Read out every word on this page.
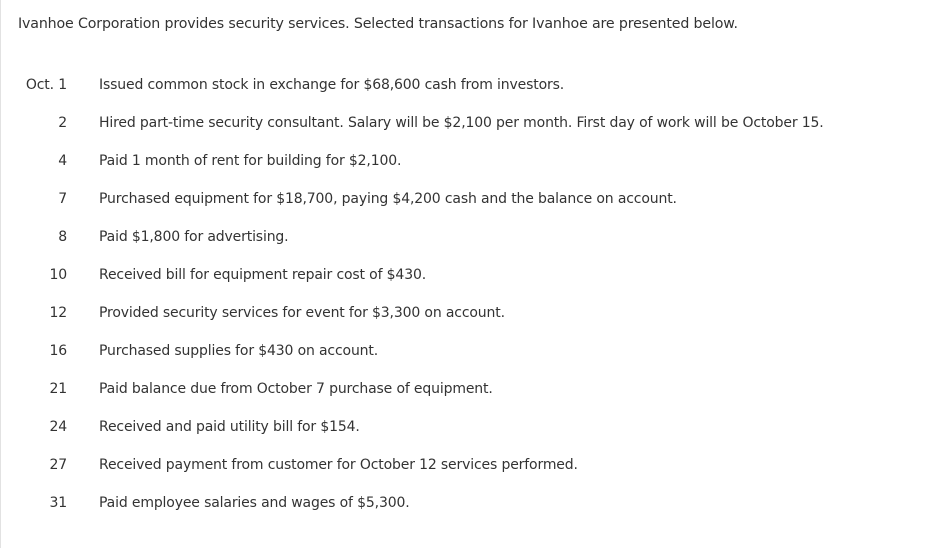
Ivanhoe Corporation provides security services. Selected transactions for Ivanhoe are presented below.
Oct. 1 Issued common stock in exchange for $68,600 cash from investors.
2 Hired part-time security consultant. Salary will be $2,100 per month. First day of work will be October 15.
4 Paid 1 month of rent for building for $2,100.
7 Purchased equipment for $18,700, paying $4,200 cash and the balance on account.
8 Paid $1,800 for advertising.
10 Received bill for equipment repair cost of $430.
12 Provided security services for event for $3,300 on account.
16 Purchased supplies for $430 on account.
21 Paid balance due from October 7 purchase of equipment.
24 Received and paid utility bill for $154.
27 Received payment from customer for October 12 services performed.
31 Paid employee salaries and wages of $5,300.
